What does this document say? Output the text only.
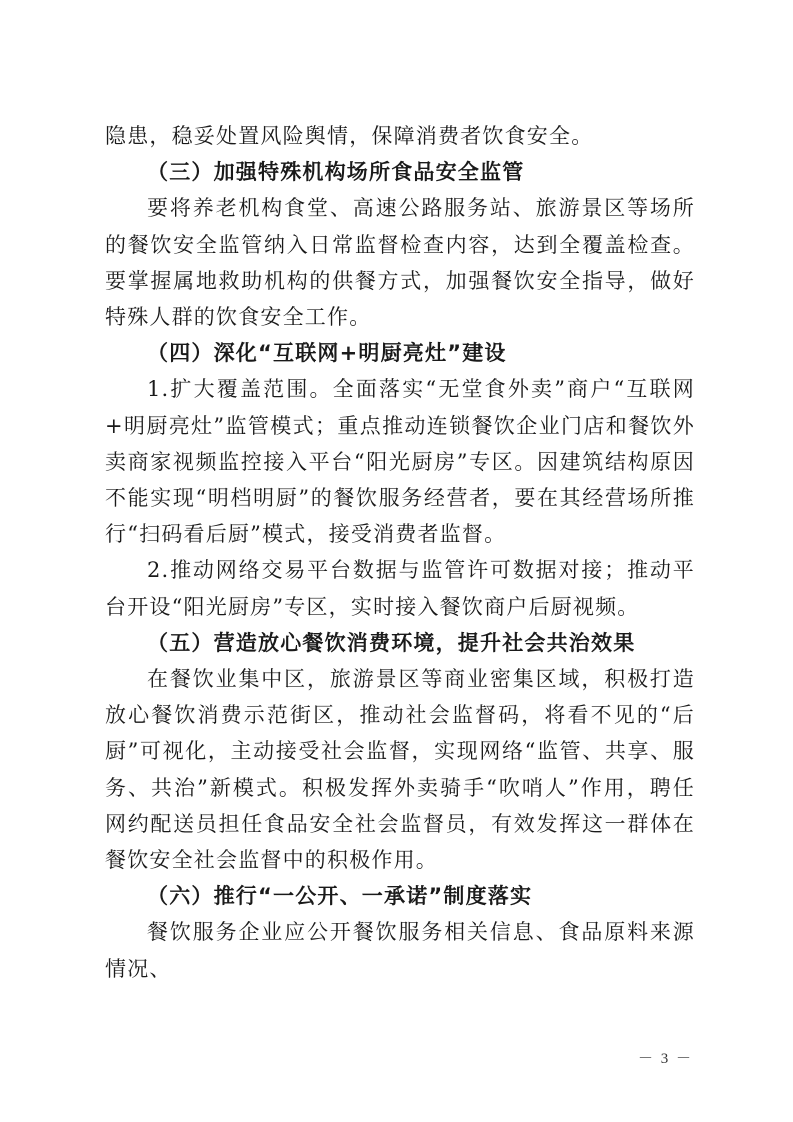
隐患，稳妥处置风险舆情，保障消费者饮食安全。

（三）加强特殊机构场所食品安全监管

要将养老机构食堂、高速公路服务站、旅游景区等场所的餐饮安全监管纳入日常监督检查内容，达到全覆盖检查。要掌握属地救助机构的供餐方式，加强餐饮安全指导，做好特殊人群的饮食安全工作。

（四）深化“互联网+明厨亮灶”建设

1.扩大覆盖范围。全面落实“无堂食外卖”商户“互联网+明厨亮灶”监管模式；重点推动连锁餐饮企业门店和餐饮外卖商家视频监控接入平台“阳光厨房”专区。因建筑结构原因不能实现“明档明厨”的餐饮服务经营者，要在其经营场所推行“扫码看后厨”模式，接受消费者监督。

2.推动网络交易平台数据与监管许可数据对接；推动平台开设“阳光厨房”专区，实时接入餐饮商户后厨视频。

（五）营造放心餐饮消费环境，提升社会共治效果

在餐饮业集中区，旅游景区等商业密集区域，积极打造放心餐饮消费示范街区，推动社会监督码，将看不见的“后厨”可视化，主动接受社会监督，实现网络“监管、共享、服务、共治”新模式。积极发挥外卖骑手“吹哨人”作用，聘任网约配送员担任食品安全社会监督员，有效发挥这一群体在餐饮安全社会监督中的积极作用。

（六）推行“一公开、一承诺”制度落实

餐饮服务企业应公开餐饮服务相关信息、食品原料来源情况、

－ 3 －
